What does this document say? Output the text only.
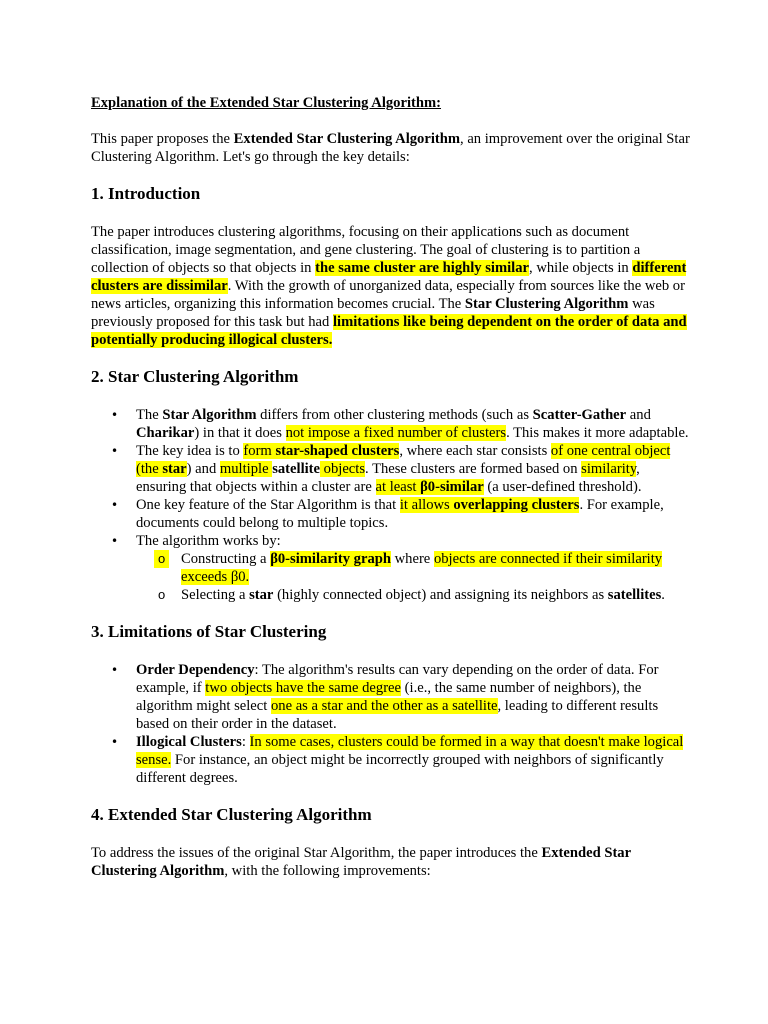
Explanation of the Extended Star Clustering Algorithm:

This paper proposes the Extended Star Clustering Algorithm, an improvement over the original Star Clustering Algorithm. Let's go through the key details:

1. Introduction

The paper introduces clustering algorithms, focusing on their applications such as document classification, image segmentation, and gene clustering. The goal of clustering is to partition a collection of objects so that objects in the same cluster are highly similar, while objects in different clusters are dissimilar. With the growth of unorganized data, especially from sources like the web or news articles, organizing this information becomes crucial. The Star Clustering Algorithm was previously proposed for this task but had limitations like being dependent on the order of data and potentially producing illogical clusters.

2. Star Clustering Algorithm
• The Star Algorithm differs from other clustering methods (such as Scatter-Gather and Charikar) in that it does not impose a fixed number of clusters. This makes it more adaptable.
• The key idea is to form star-shaped clusters, where each star consists of one central object (the star) and multiple satellite objects. These clusters are formed based on similarity, ensuring that objects within a cluster are at least β0-similar (a user-defined threshold).
• One key feature of the Star Algorithm is that it allows overlapping clusters. For example, documents could belong to multiple topics.
• The algorithm works by:
o Constructing a β0-similarity graph where objects are connected if their similarity exceeds β0.
o Selecting a star (highly connected object) and assigning its neighbors as satellites.
3. Limitations of Star Clustering
• Order Dependency: The algorithm's results can vary depending on the order of data. For example, if two objects have the same degree (i.e., the same number of neighbors), the algorithm might select one as a star and the other as a satellite, leading to different results based on their order in the dataset.
• Illogical Clusters: In some cases, clusters could be formed in a way that doesn't make logical sense. For instance, an object might be incorrectly grouped with neighbors of significantly different degrees.
4. Extended Star Clustering Algorithm

To address the issues of the original Star Algorithm, the paper introduces the Extended Star Clustering Algorithm, with the following improvements:
